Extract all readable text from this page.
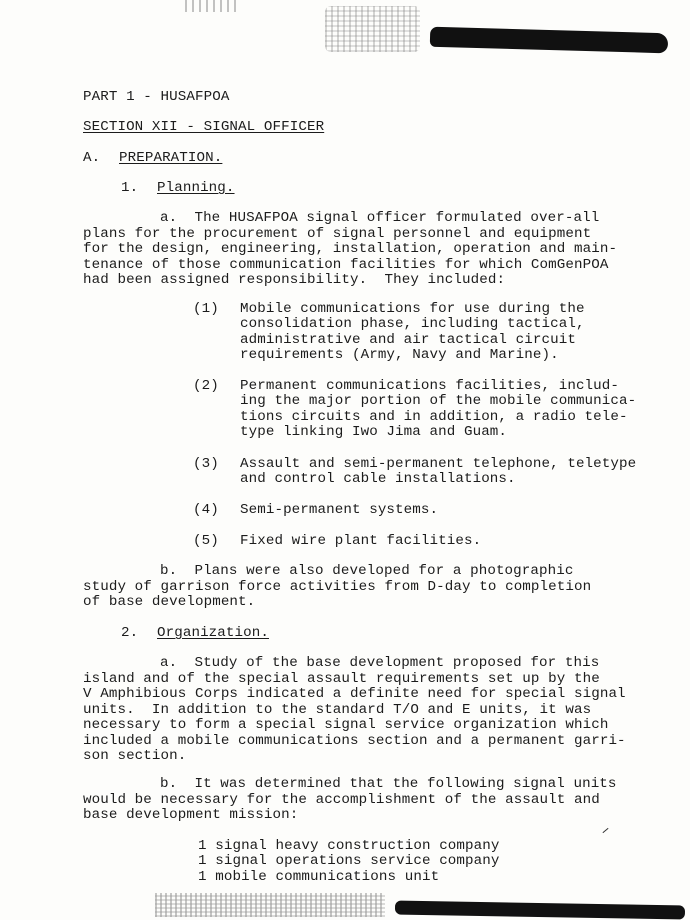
PART 1 - HUSAFPOA
SECTION XII - SIGNAL OFFICER
A. PREPARATION.
1. Planning.
a.  The HUSAFPOA signal officer formulated over-all
plans for the procurement of signal personnel and equipment
for the design, engineering, installation, operation and main-
tenance of those communication facilities for which ComGenPOA
had been assigned responsibility.  They included:
(1) Mobile communications for use during the
consolidation phase, including tactical,
administrative and air tactical circuit
requirements (Army, Navy and Marine).
(2) Permanent communications facilities, includ-
ing the major portion of the mobile communica-
tions circuits and in addition, a radio tele-
type linking Iwo Jima and Guam.
(3) Assault and semi-permanent telephone, teletype
and control cable installations.
(4) Semi-permanent systems.
(5) Fixed wire plant facilities.
b.  Plans were also developed for a photographic
study of garrison force activities from D-day to completion
of base development.
2. Organization.
a.  Study of the base development proposed for this
island and of the special assault requirements set up by the
V Amphibious Corps indicated a definite need for special signal
units.  In addition to the standard T/O and E units, it was
necessary to form a special signal service organization which
included a mobile communications section and a permanent garri-
son section.
b.  It was determined that the following signal units
would be necessary for the accomplishment of the assault and
base development mission:
1 signal heavy construction company
1 signal operations service company
1 mobile communications unit
